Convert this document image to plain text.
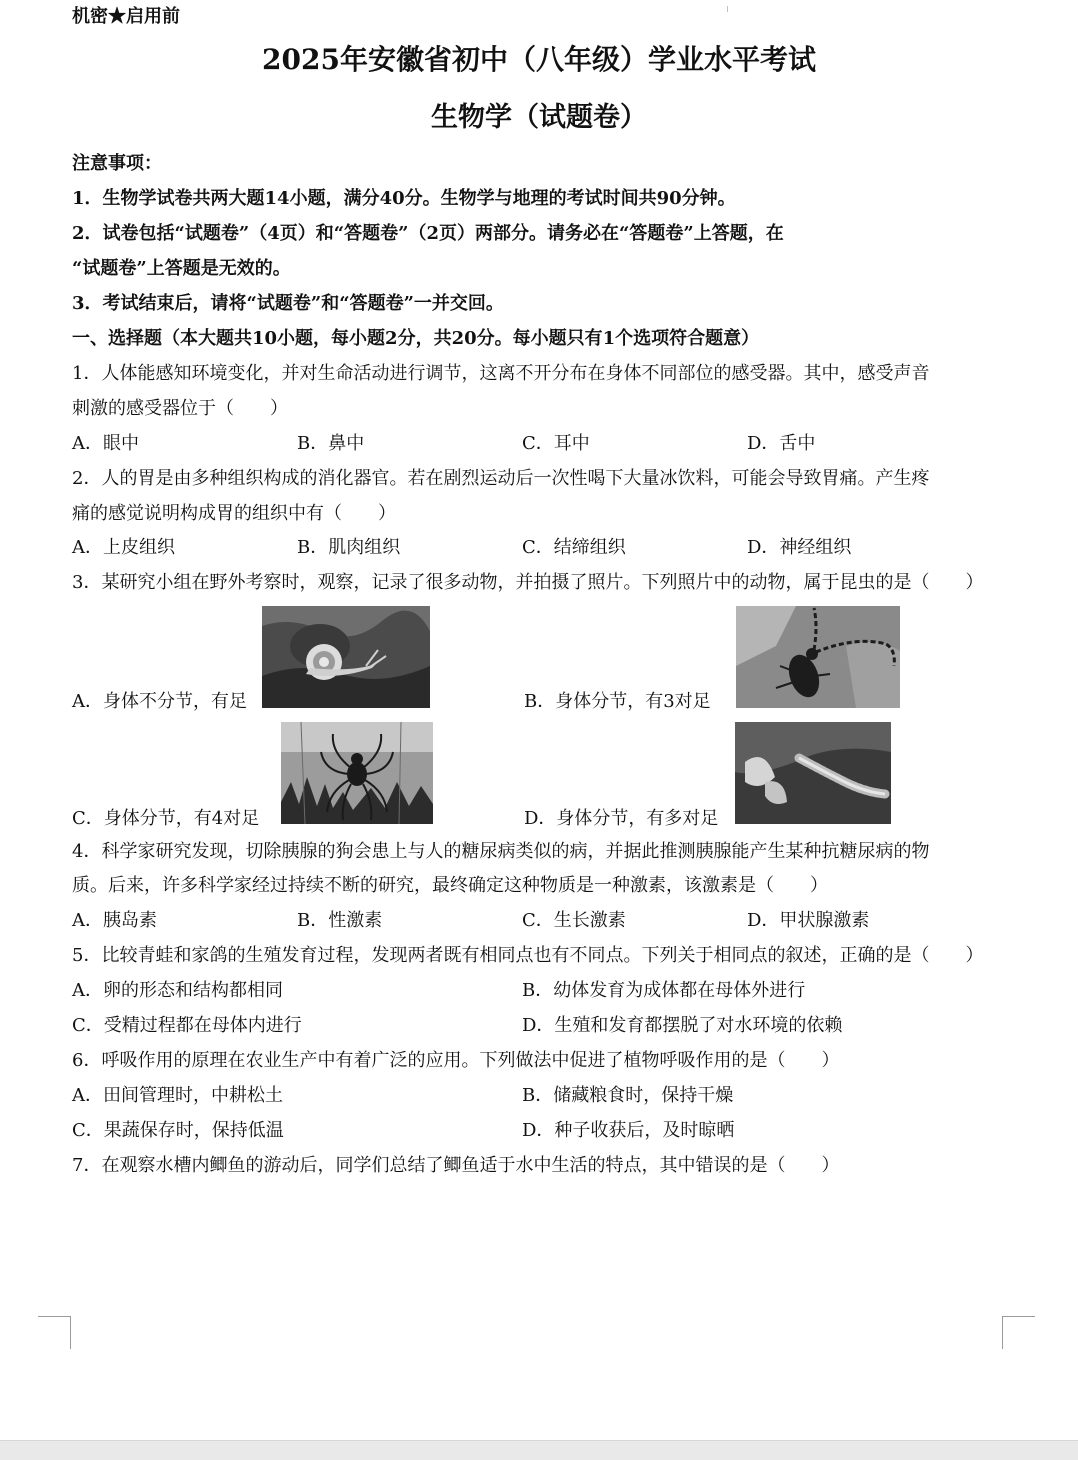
机密★启用前
2025年安徽省初中（八年级）学业水平考试
生物学（试题卷）
注意事项：
1．生物学试卷共两大题14小题，满分40分。生物学与地理的考试时间共90分钟。
2．试卷包括“试题卷”（4页）和“答题卷”（2页）两部分。请务必在“答题卷”上答题，在
“试题卷”上答题是无效的。
3．考试结束后，请将“试题卷”和“答题卷”一并交回。
一、选择题（本大题共10小题，每小题2分，共20分。每小题只有1个选项符合题意）
1．人体能感知环境变化，并对生命活动进行调节，这离不开分布在身体不同部位的感受器。其中，感受声音
刺激的感受器位于（　　）
A．眼中	B．鼻中	C．耳中	D．舌中
2．人的胃是由多种组织构成的消化器官。若在剧烈运动后一次性喝下大量冰饮料，可能会导致胃痛。产生疼
痛的感觉说明构成胃的组织中有（　　）
A．上皮组织	B．肌肉组织	C．结缔组织	D．神经组织
3．某研究小组在野外考察时，观察，记录了很多动物，并拍摄了照片。下列照片中的动物，属于昆虫的是（　　）
A．身体不分节，有足	B．身体分节，有3对足
C．身体分节，有4对足	D．身体分节，有多对足
4．科学家研究发现，切除胰腺的狗会患上与人的糖尿病类似的病，并据此推测胰腺能产生某种抗糖尿病的物
质。后来，许多科学家经过持续不断的研究，最终确定这种物质是一种激素，该激素是（　　）
A．胰岛素	B．性激素	C．生长激素	D．甲状腺激素
5．比较青蛙和家鸽的生殖发育过程，发现两者既有相同点也有不同点。下列关于相同点的叙述，正确的是（　　）
A．卵的形态和结构都相同	B．幼体发育为成体都在母体外进行
C．受精过程都在母体内进行	D．生殖和发育都摆脱了对水环境的依赖
6．呼吸作用的原理在农业生产中有着广泛的应用。下列做法中促进了植物呼吸作用的是（　　）
A．田间管理时，中耕松土	B．储藏粮食时，保持干燥
C．果蔬保存时，保持低温	D．种子收获后，及时晾晒
7．在观察水槽内鲫鱼的游动后，同学们总结了鲫鱼适于水中生活的特点，其中错误的是（　　）
